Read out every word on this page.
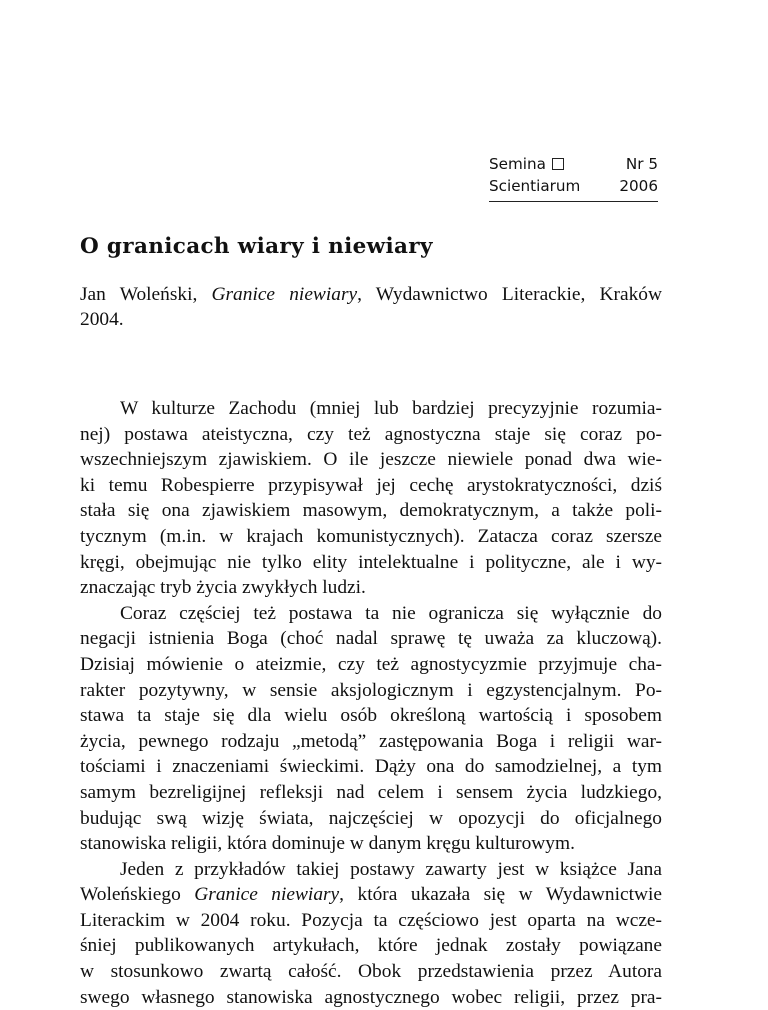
Semina	Nr 5
Scientiarum	2006
O granicach wiary i niewiary
Jan Woleński, Granice niewiary, Wydawnictwo Literackie, Kraków
2004.
W kulturze Zachodu (mniej lub bardziej precyzyjnie rozumia-
nej) postawa ateistyczna, czy też agnostyczna staje się coraz po-
wszechniejszym zjawiskiem. O ile jeszcze niewiele ponad dwa wie-
ki temu Robespierre przypisywał jej cechę arystokratyczności, dziś
stała się ona zjawiskiem masowym, demokratycznym, a także poli-
tycznym (m.in. w krajach komunistycznych). Zatacza coraz szersze
kręgi, obejmując nie tylko elity intelektualne i polityczne, ale i wy-
znaczając tryb życia zwykłych ludzi.
Coraz częściej też postawa ta nie ogranicza się wyłącznie do
negacji istnienia Boga (choć nadal sprawę tę uważa za kluczową).
Dzisiaj mówienie o ateizmie, czy też agnostycyzmie przyjmuje cha-
rakter pozytywny, w sensie aksjologicznym i egzystencjalnym. Po-
stawa ta staje się dla wielu osób określoną wartością i sposobem
życia, pewnego rodzaju „metodą” zastępowania Boga i religii war-
tościami i znaczeniami świeckimi. Dąży ona do samodzielnej, a tym
samym bezreligijnej refleksji nad celem i sensem życia ludzkiego,
budując swą wizję świata, najczęściej w opozycji do oficjalnego
stanowiska religii, która dominuje w danym kręgu kulturowym.
Jeden z przykładów takiej postawy zawarty jest w książce Jana
Woleńskiego Granice niewiary, która ukazała się w Wydawnictwie
Literackim w 2004 roku. Pozycja ta częściowo jest oparta na wcze-
śniej publikowanych artykułach, które jednak zostały powiązane
w stosunkowo zwartą całość. Obok przedstawienia przez Autora
swego własnego stanowiska agnostycznego wobec religii, przez pra-
